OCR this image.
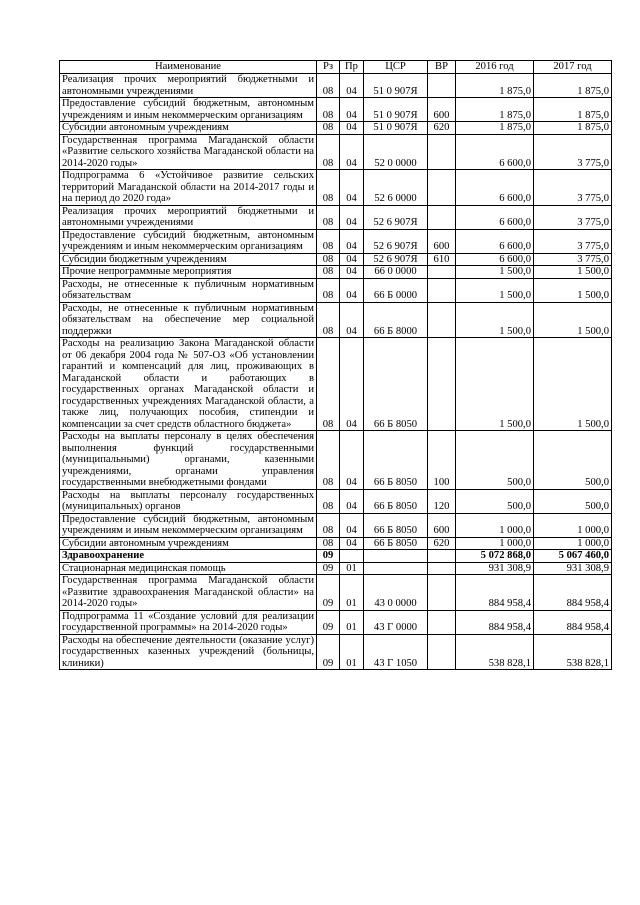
Наименование	Рз	Пр	ЦСР	ВР	2016 год	2017 год
Реализация прочих мероприятий бюджетными и автономными учреждениями	08	04	51 0 907Я		1 875,0	1 875,0
Предоставление субсидий бюджетным, автономным учреждениям и иным некоммерческим организациям	08	04	51 0 907Я	600	1 875,0	1 875,0
Субсидии автономным учреждениям	08	04	51 0 907Я	620	1 875,0	1 875,0
Государственная программа Магаданской области «Развитие сельского хозяйства Магаданской области на 2014-2020 годы»	08	04	52 0 0000		6 600,0	3 775,0
Подпрограмма 6 «Устойчивое развитие сельских территорий Магаданской области на 2014-2017 годы и на период до 2020 года»	08	04	52 6 0000		6 600,0	3 775,0
Реализация прочих мероприятий бюджетными и автономными учреждениями	08	04	52 6 907Я		6 600,0	3 775,0
Предоставление субсидий бюджетным, автономным учреждениям и иным некоммерческим организациям	08	04	52 6 907Я	600	6 600,0	3 775,0
Субсидии бюджетным учреждениям	08	04	52 6 907Я	610	6 600,0	3 775,0
Прочие непрограммные мероприятия	08	04	66 0 0000		1 500,0	1 500,0
Расходы, не отнесенные к публичным нормативным обязательствам	08	04	66 Б 0000		1 500,0	1 500,0
Расходы, не отнесенные к публичным нормативным обязательствам на обеспечение мер социальной поддержки	08	04	66 Б 8000		1 500,0	1 500,0
Расходы на реализацию Закона Магаданской области от 06 декабря 2004 года № 507-ОЗ «Об установлении гарантий и компенсаций для лиц, проживающих в Магаданской области и работающих в государственных органах Магаданской области и государственных учреждениях Магаданской области, а также лиц, получающих пособия, стипендии и компенсации за счет средств областного бюджета»	08	04	66 Б 8050		1 500,0	1 500,0
Расходы на выплаты персоналу в целях обеспечения выполнения функций государственными (муниципальными) органами, казенными учреждениями, органами управления государственными внебюджетными фондами	08	04	66 Б 8050	100	500,0	500,0
Расходы на выплаты персоналу государственных (муниципальных) органов	08	04	66 Б 8050	120	500,0	500,0
Предоставление субсидий бюджетным, автономным учреждениям и иным некоммерческим организациям	08	04	66 Б 8050	600	1 000,0	1 000,0
Субсидии автономным учреждениям	08	04	66 Б 8050	620	1 000,0	1 000,0
Здравоохранение	09				5 072 868,0	5 067 460,0
Стационарная медицинская помощь	09	01			931 308,9	931 308,9
Государственная программа Магаданской области «Развитие здравоохранения Магаданской области» на 2014-2020 годы»	09	01	43 0 0000		884 958,4	884 958,4
Подпрограмма 11 «Создание условий для реализации государственной программы» на 2014-2020 годы»	09	01	43 Г 0000		884 958,4	884 958,4
Расходы на обеспечение деятельности (оказание услуг) государственных казенных учреждений (больницы, клиники)	09	01	43 Г 1050		538 828,1	538 828,1
